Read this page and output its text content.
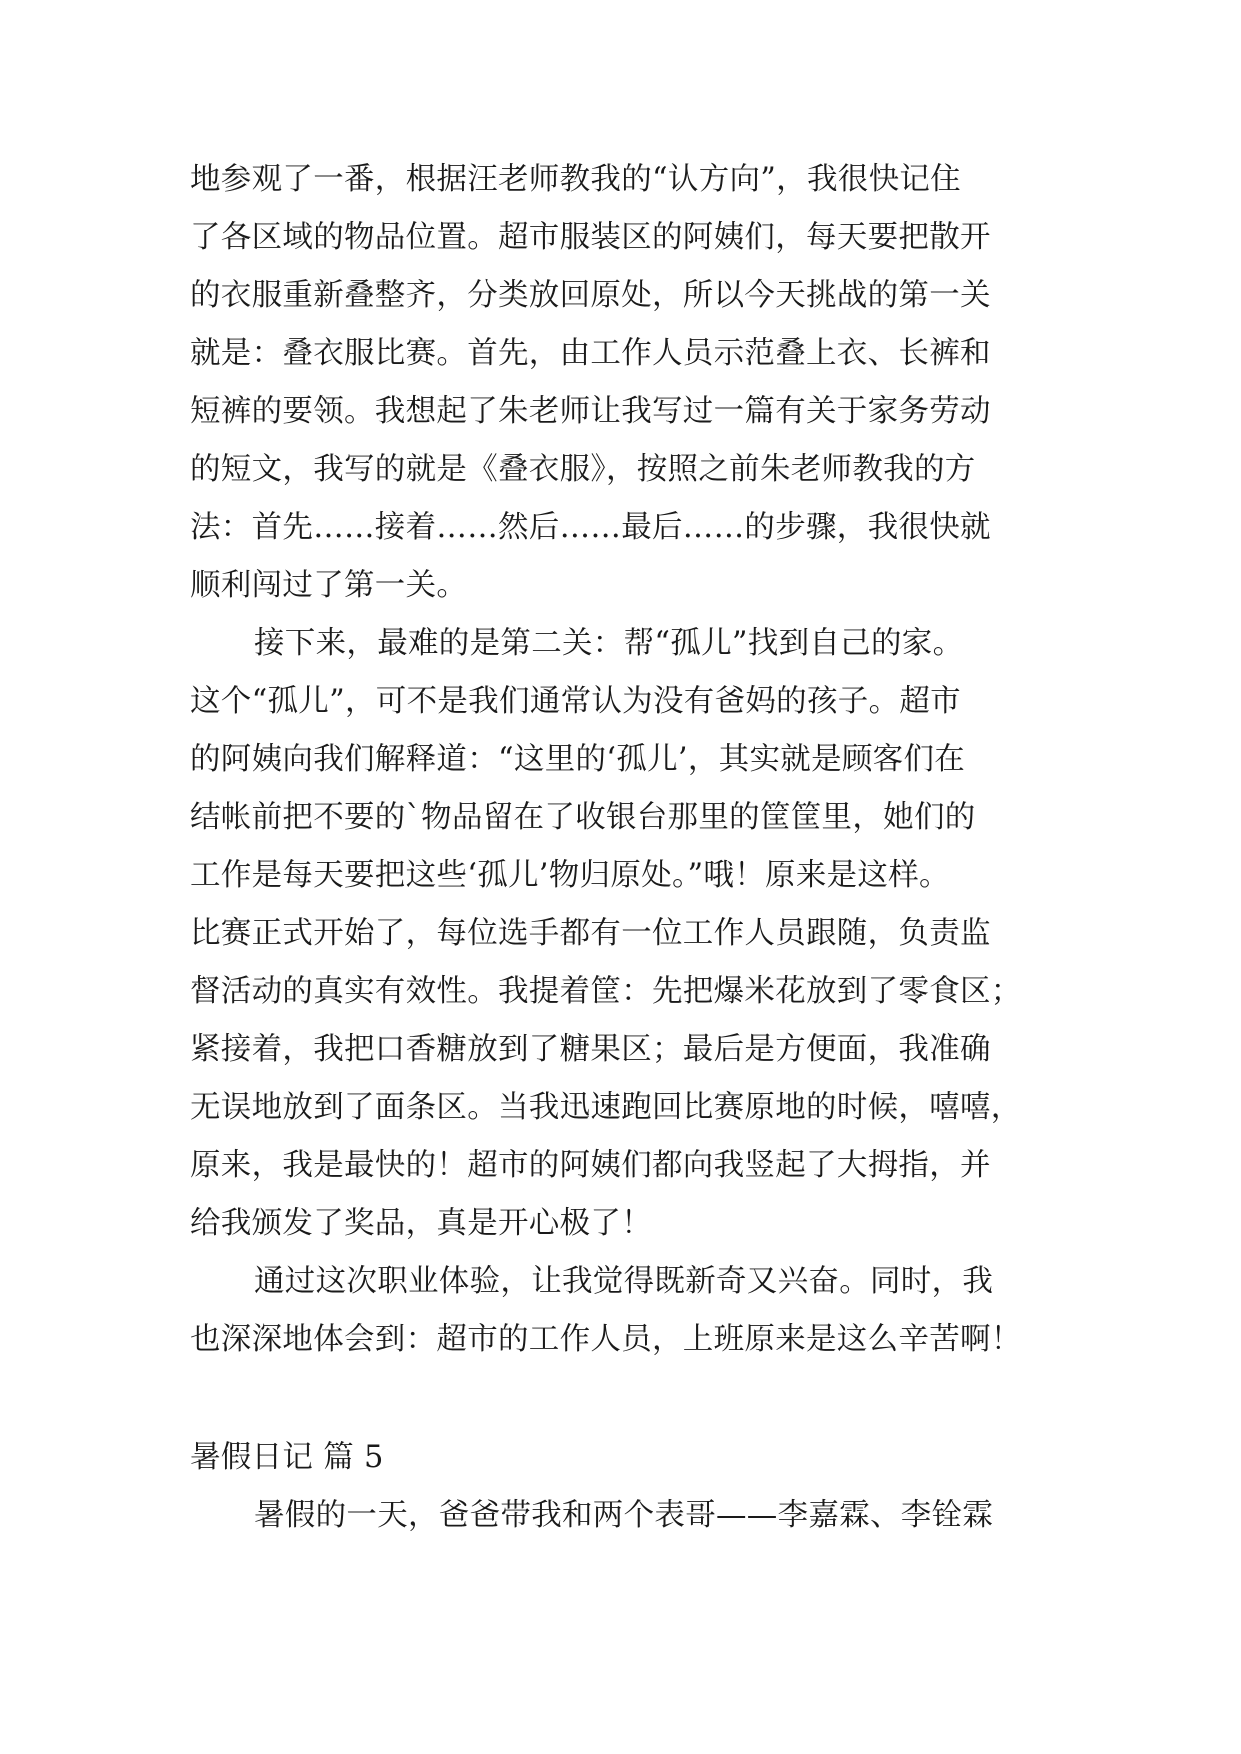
地参观了一番，根据汪老师教我的“认方向”，我很快记住
了各区域的物品位置。超市服装区的阿姨们，每天要把散开
的衣服重新叠整齐，分类放回原处，所以今天挑战的第一关
就是：叠衣服比赛。首先，由工作人员示范叠上衣、长裤和
短裤的要领。我想起了朱老师让我写过一篇有关于家务劳动
的短文，我写的就是《叠衣服》，按照之前朱老师教我的方
法：首先……接着……然后……最后……的步骤，我很快就
顺利闯过了第一关。
接下来，最难的是第二关：帮“孤儿”找到自己的家。
这个“孤儿”，可不是我们通常认为没有爸妈的孩子。超市
的阿姨向我们解释道：“这里的‘孤儿’，其实就是顾客们在
结帐前把不要的`物品留在了收银台那里的筐筐里，她们的
工作是每天要把这些‘孤儿’物归原处。”哦！原来是这样。
比赛正式开始了，每位选手都有一位工作人员跟随，负责监
督活动的真实有效性。我提着筐：先把爆米花放到了零食区；
紧接着，我把口香糖放到了糖果区；最后是方便面，我准确
无误地放到了面条区。当我迅速跑回比赛原地的时候，嘻嘻，
原来，我是最快的！超市的阿姨们都向我竖起了大拇指，并
给我颁发了奖品，真是开心极了！
通过这次职业体验，让我觉得既新奇又兴奋。同时，我
也深深地体会到：超市的工作人员，上班原来是这么辛苦啊！
暑假日记 篇 5
暑假的一天，爸爸带我和两个表哥——李嘉霖、李铨霖
